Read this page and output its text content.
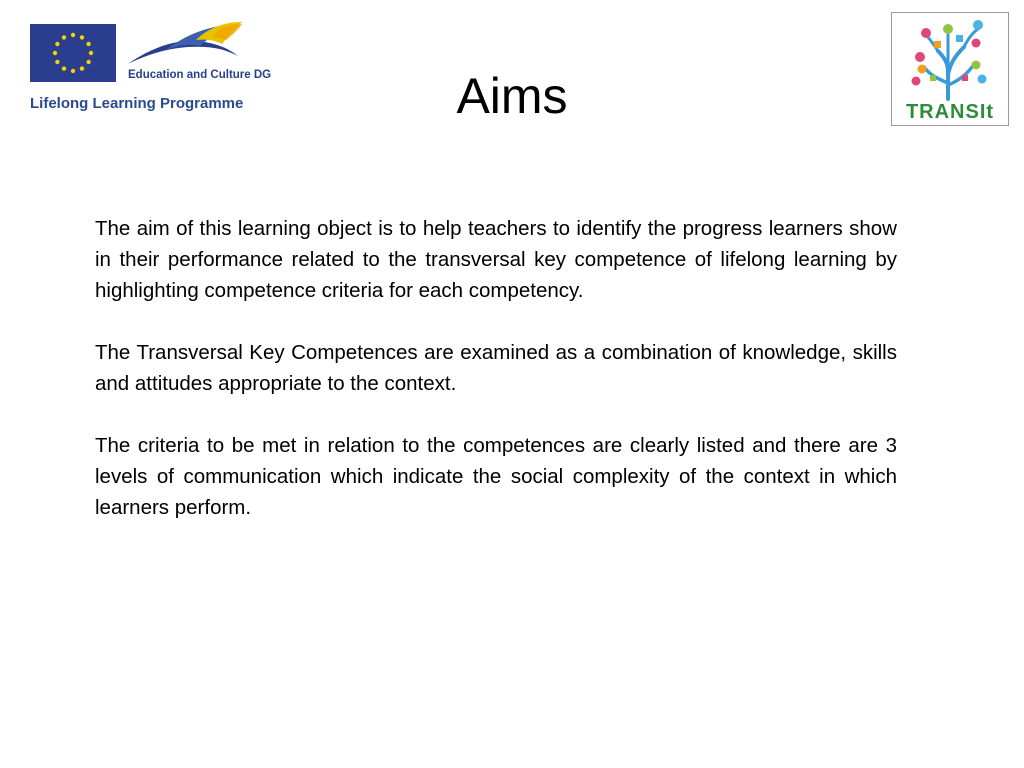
Education and Culture DG
Lifelong Learning Programme	Aims	TRANSIt

The aim of this learning object is to help teachers to identify the progress learners show in their performance related to the transversal key competence of lifelong learning by highlighting competence criteria for each competency.

The Transversal Key Competences are examined as a combination of knowledge, skills and attitudes appropriate to the context.

The criteria to be met in relation to the competences are clearly listed and there are 3 levels of communication which indicate the social complexity of the context in which learners perform.
